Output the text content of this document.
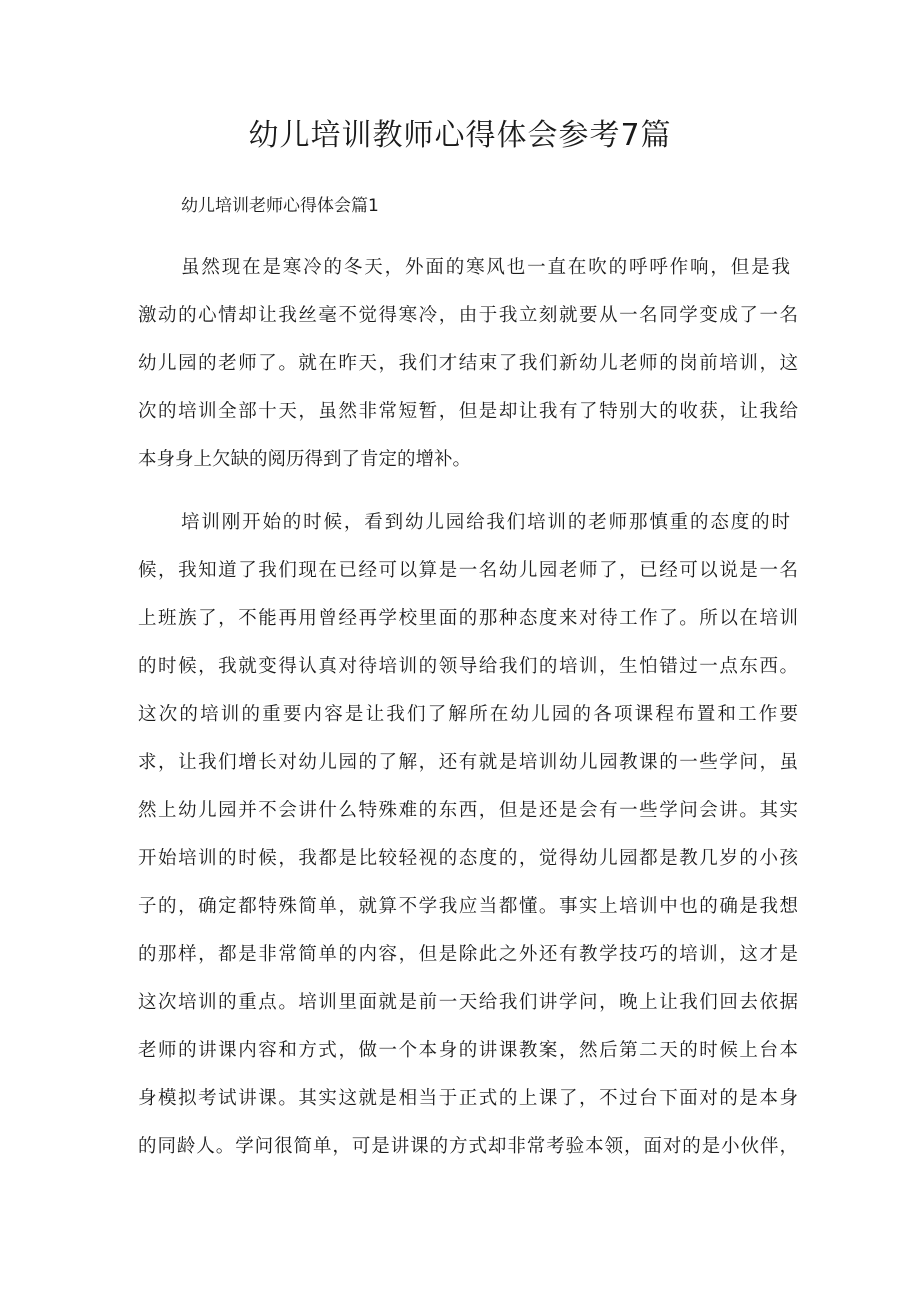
幼儿培训教师心得体会参考7篇
幼儿培训老师心得体会篇1
虽然现在是寒冷的冬天，外面的寒风也一直在吹的呼呼作响，但是我
激动的心情却让我丝毫不觉得寒冷，由于我立刻就要从一名同学变成了一名
幼儿园的老师了。就在昨天，我们才结束了我们新幼儿老师的岗前培训，这
次的培训全部十天，虽然非常短暂，但是却让我有了特别大的收获，让我给
本身身上欠缺的阅历得到了肯定的增补。
培训刚开始的时候，看到幼儿园给我们培训的老师那慎重的态度的时
候，我知道了我们现在已经可以算是一名幼儿园老师了，已经可以说是一名
上班族了，不能再用曾经再学校里面的那种态度来对待工作了。所以在培训
的时候，我就变得认真对待培训的领导给我们的培训，生怕错过一点东西。
这次的培训的重要内容是让我们了解所在幼儿园的各项课程布置和工作要
求，让我们增长对幼儿园的了解，还有就是培训幼儿园教课的一些学问，虽
然上幼儿园并不会讲什么特殊难的东西，但是还是会有一些学问会讲。其实
开始培训的时候，我都是比较轻视的态度的，觉得幼儿园都是教几岁的小孩
子的，确定都特殊简单，就算不学我应当都懂。事实上培训中也的确是我想
的那样，都是非常简单的内容，但是除此之外还有教学技巧的培训，这才是
这次培训的重点。培训里面就是前一天给我们讲学问，晚上让我们回去依据
老师的讲课内容和方式，做一个本身的讲课教案，然后第二天的时候上台本
身模拟考试讲课。其实这就是相当于正式的上课了，不过台下面对的是本身
的同龄人。学问很简单，可是讲课的方式却非常考验本领，面对的是小伙伴，
